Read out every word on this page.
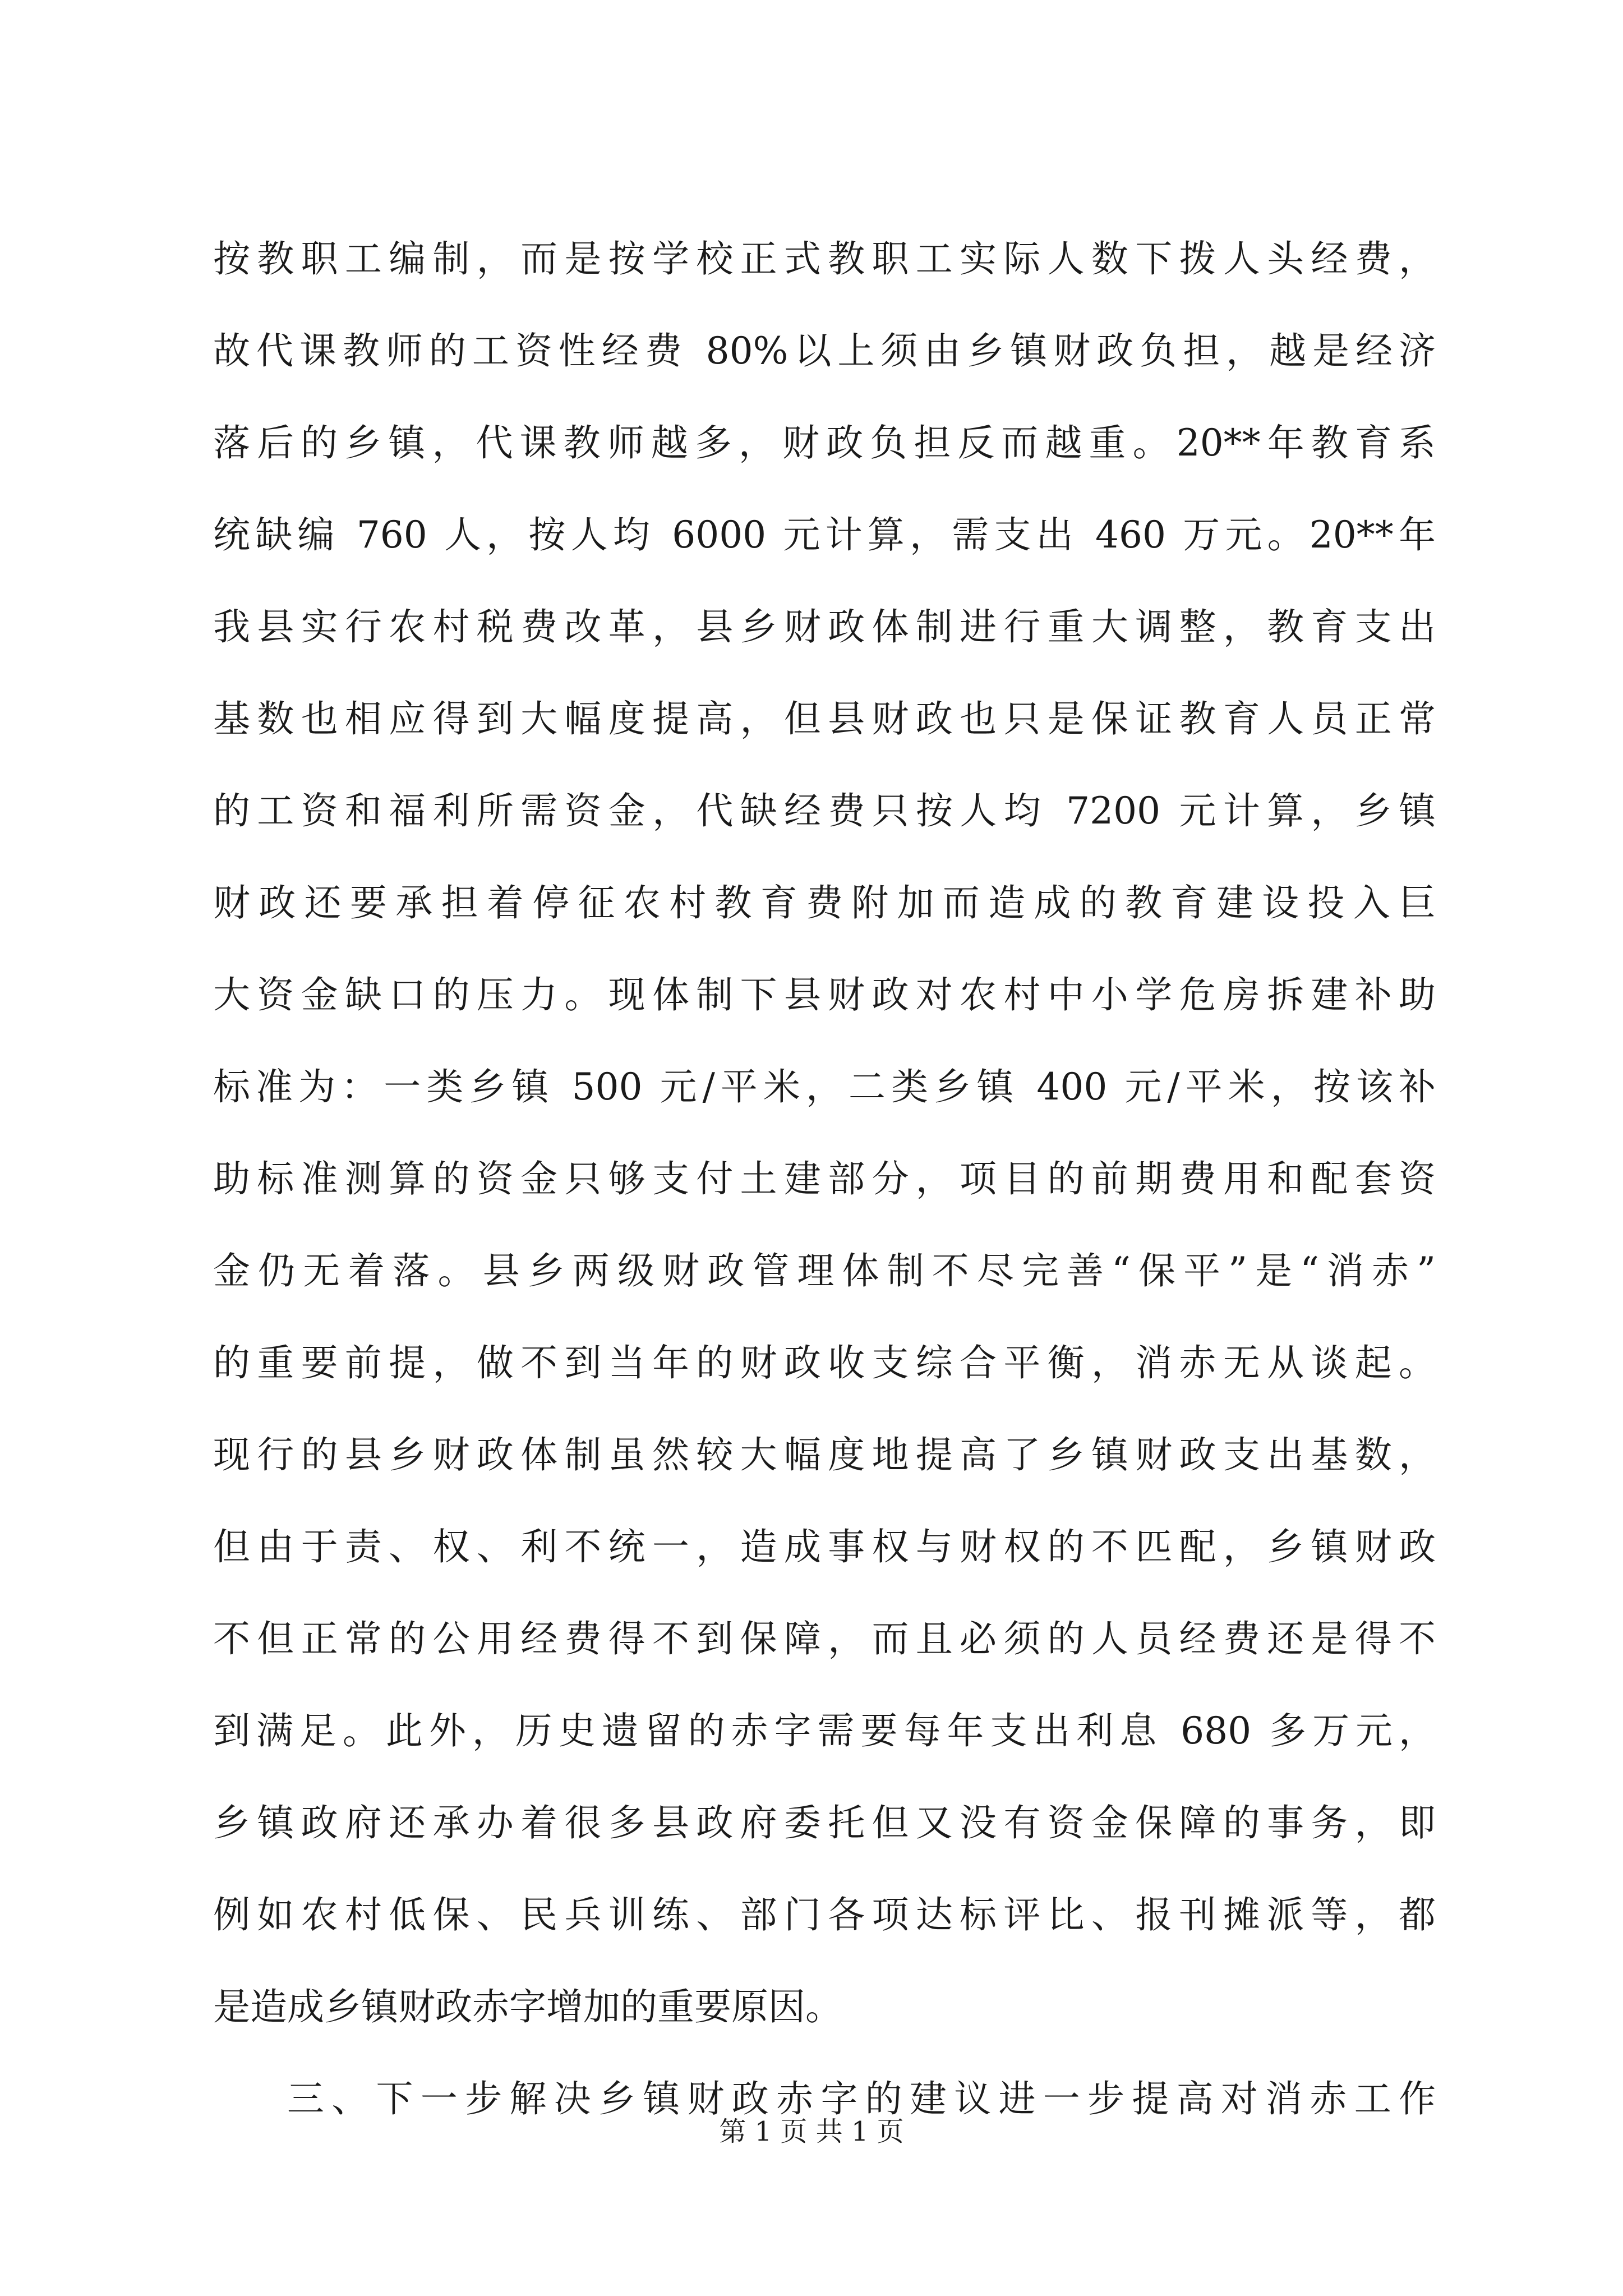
按教职工编制，而是按学校正式教职工实际人数下拨人头经费，
故代课教师的工资性经费 80%以上须由乡镇财政负担，越是经济
落后的乡镇，代课教师越多，财政负担反而越重。20**年教育系
统缺编 760 人，按人均 6000 元计算，需支出 460 万元。20**年
我县实行农村税费改革，县乡财政体制进行重大调整，教育支出
基数也相应得到大幅度提高，但县财政也只是保证教育人员正常
的工资和福利所需资金，代缺经费只按人均 7200 元计算，乡镇
财政还要承担着停征农村教育费附加而造成的教育建设投入巨
大资金缺口的压力。现体制下县财政对农村中小学危房拆建补助
标准为：一类乡镇 500 元/平米，二类乡镇 400 元/平米，按该补
助标准测算的资金只够支付土建部分，项目的前期费用和配套资
金仍无着落。县乡两级财政管理体制不尽完善“保平”是“消赤”
的重要前提，做不到当年的财政收支综合平衡，消赤无从谈起。
现行的县乡财政体制虽然较大幅度地提高了乡镇财政支出基数，
但由于责、权、利不统一，造成事权与财权的不匹配，乡镇财政
不但正常的公用经费得不到保障，而且必须的人员经费还是得不
到满足。此外，历史遗留的赤字需要每年支出利息 680 多万元，
乡镇政府还承办着很多县政府委托但又没有资金保障的事务，即
例如农村低保、民兵训练、部门各项达标评比、报刊摊派等，都
是造成乡镇财政赤字增加的重要原因。
三、下一步解决乡镇财政赤字的建议进一步提高对消赤工作
第 1 页 共 1 页
